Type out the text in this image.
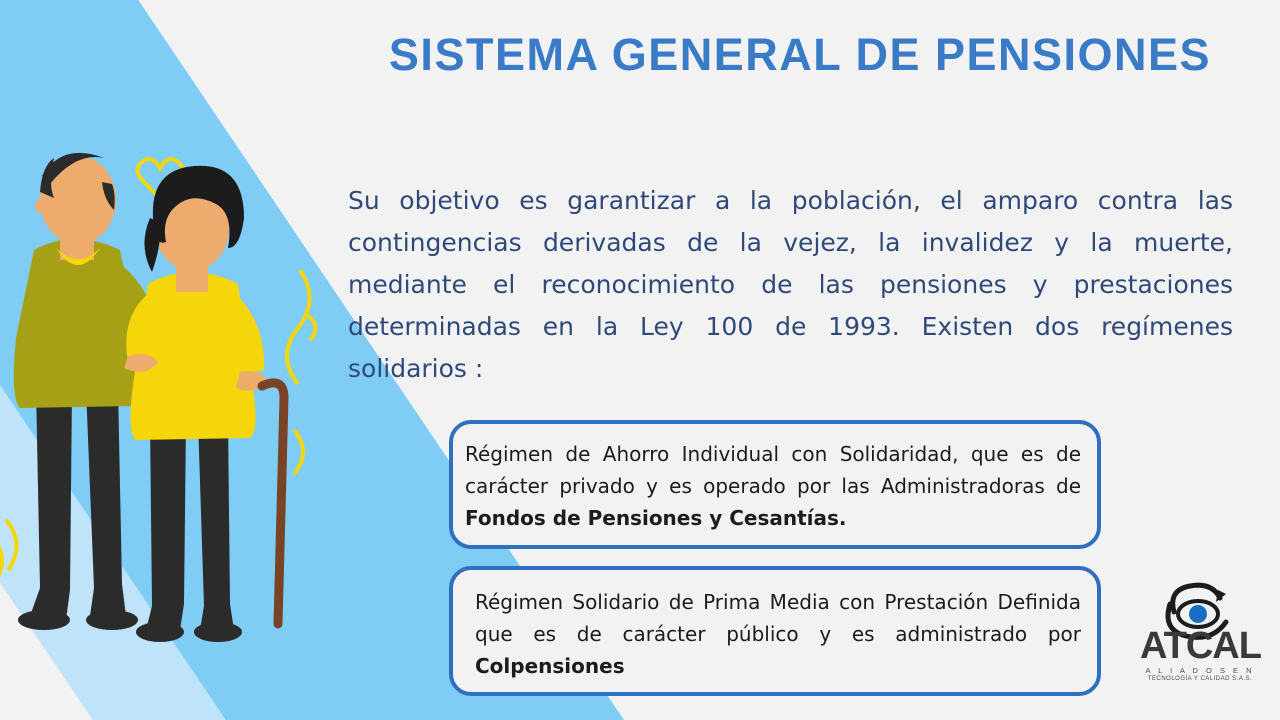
SISTEMA GENERAL DE PENSIONES
Su objetivo es garantizar a la población, el amparo contra las contingencias derivadas de la vejez, la invalidez y la muerte, mediante el reconocimiento de las pensiones y prestaciones determinadas en la Ley 100 de 1993. Existen dos regímenes solidarios :
Régimen de Ahorro Individual con Solidaridad, que es de carácter privado y es operado por las Administradoras de Fondos de Pensiones y Cesantías.
Régimen Solidario de Prima Media con Prestación Definida que es de carácter público y es administrado por Colpensiones	ATCAL
A L I A D O S E N
TECNOLOGÍA Y CALIDAD S.A.S.
